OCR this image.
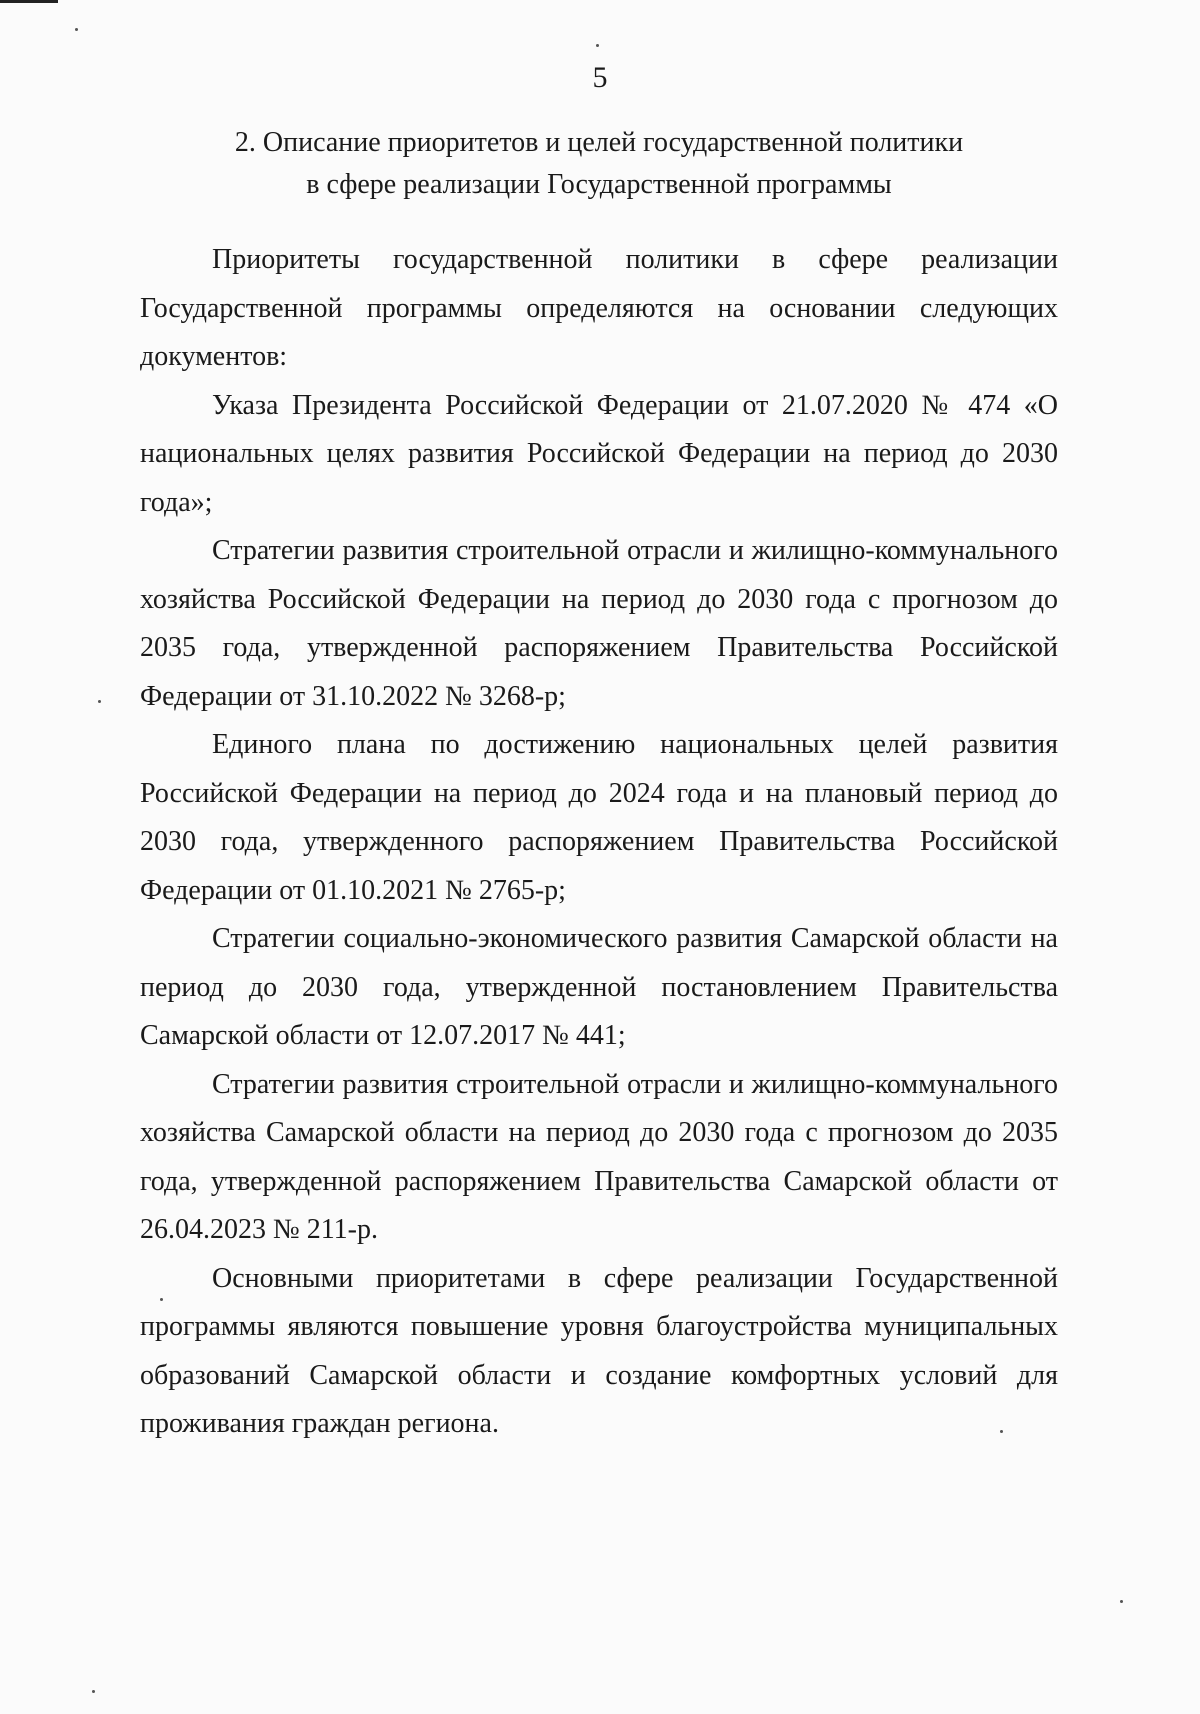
5
2. Описание приоритетов и целей государственной политики
в сфере реализации Государственной программы

Приоритеты государственной политики в сфере реализации Государственной программы определяются на основании следующих документов:

Указа Президента Российской Федерации от 21.07.2020 № 474 «О национальных целях развития Российской Федерации на период до 2030 года»;

Стратегии развития строительной отрасли и жилищно-коммунального хозяйства Российской Федерации на период до 2030 года с прогнозом до 2035 года, утвержденной распоряжением Правительства Российской Федерации от 31.10.2022 № 3268-р;

Единого плана по достижению национальных целей развития Российской Федерации на период до 2024 года и на плановый период до 2030 года, утвержденного распоряжением Правительства Российской Федерации от 01.10.2021 № 2765-р;

Стратегии социально-экономического развития Самарской области на период до 2030 года, утвержденной постановлением Правительства Самарской области от 12.07.2017 № 441;

Стратегии развития строительной отрасли и жилищно-коммунального хозяйства Самарской области на период до 2030 года с прогнозом до 2035 года, утвержденной распоряжением Правительства Самарской области от 26.04.2023 № 211-р.

Основными приоритетами в сфере реализации Государственной программы являются повышение уровня благоустройства муниципальных образований Самарской области и создание комфортных условий для проживания граждан региона.
